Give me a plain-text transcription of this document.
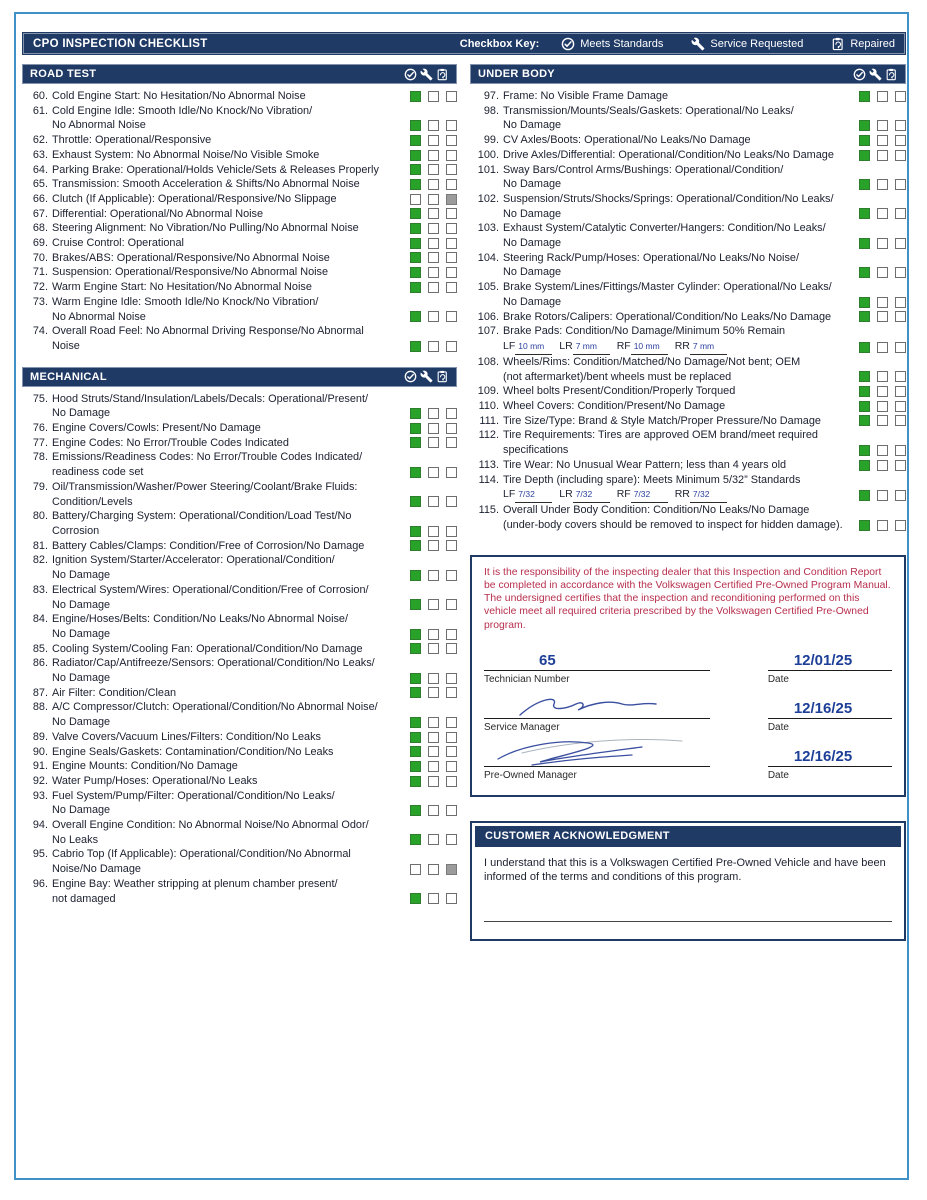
CPO INSPECTION CHECKLIST	Checkbox Key:	Meets Standards	Service Requested	Repaired
ROAD TEST
60. Cold Engine Start: No Hesitation/No Abnormal Noise
61. Cold Engine Idle: Smooth Idle/No Knock/No Vibration/
No Abnormal Noise
62. Throttle: Operational/Responsive
63. Exhaust System: No Abnormal Noise/No Visible Smoke
64. Parking Brake: Operational/Holds Vehicle/Sets & Releases Properly
65. Transmission: Smooth Acceleration & Shifts/No Abnormal Noise
66. Clutch (If Applicable): Operational/Responsive/No Slippage
67. Differential: Operational/No Abnormal Noise
68. Steering Alignment: No Vibration/No Pulling/No Abnormal Noise
69. Cruise Control: Operational
70. Brakes/ABS: Operational/Responsive/No Abnormal Noise
71. Suspension: Operational/Responsive/No Abnormal Noise
72. Warm Engine Start: No Hesitation/No Abnormal Noise
73. Warm Engine Idle: Smooth Idle/No Knock/No Vibration/
No Abnormal Noise
74. Overall Road Feel: No Abnormal Driving Response/No Abnormal
Noise
MECHANICAL
75. Hood Struts/Stand/Insulation/Labels/Decals: Operational/Present/
No Damage
76. Engine Covers/Cowls: Present/No Damage
77. Engine Codes: No Error/Trouble Codes Indicated
78. Emissions/Readiness Codes: No Error/Trouble Codes Indicated/
readiness code set
79. Oil/Transmission/Washer/Power Steering/Coolant/Brake Fluids:
Condition/Levels
80. Battery/Charging System: Operational/Condition/Load Test/No
Corrosion
81. Battery Cables/Clamps: Condition/Free of Corrosion/No Damage
82. Ignition System/Starter/Accelerator: Operational/Condition/
No Damage
83. Electrical System/Wires: Operational/Condition/Free of Corrosion/
No Damage
84. Engine/Hoses/Belts: Condition/No Leaks/No Abnormal Noise/
No Damage
85. Cooling System/Cooling Fan: Operational/Condition/No Damage
86. Radiator/Cap/Antifreeze/Sensors: Operational/Condition/No Leaks/
No Damage
87. Air Filter: Condition/Clean
88. A/C Compressor/Clutch: Operational/Condition/No Abnormal Noise/
No Damage
89. Valve Covers/Vacuum Lines/Filters: Condition/No Leaks
90. Engine Seals/Gaskets: Contamination/Condition/No Leaks
91. Engine Mounts: Condition/No Damage
92. Water Pump/Hoses: Operational/No Leaks
93. Fuel System/Pump/Filter: Operational/Condition/No Leaks/
No Damage
94. Overall Engine Condition: No Abnormal Noise/No Abnormal Odor/
No Leaks
95. Cabrio Top (If Applicable): Operational/Condition/No Abnormal
Noise/No Damage
96. Engine Bay: Weather stripping at plenum chamber present/
not damaged
UNDER BODY
97. Frame: No Visible Frame Damage
98. Transmission/Mounts/Seals/Gaskets: Operational/No Leaks/
No Damage
99. CV Axles/Boots: Operational/No Leaks/No Damage
100. Drive Axles/Differential: Operational/Condition/No Leaks/No Damage
101. Sway Bars/Control Arms/Bushings: Operational/Condition/
No Damage
102. Suspension/Struts/Shocks/Springs: Operational/Condition/No Leaks/
No Damage
103. Exhaust System/Catalytic Converter/Hangers: Condition/No Leaks/
No Damage
104. Steering Rack/Pump/Hoses: Operational/No Leaks/No Noise/
No Damage
105. Brake System/Lines/Fittings/Master Cylinder: Operational/No Leaks/
No Damage
106. Brake Rotors/Calipers: Operational/Condition/No Leaks/No Damage
107. Brake Pads: Condition/No Damage/Minimum 50% Remain
LF 10 mm LR 7 mm RF 10 mm RR 7 mm
108. Wheels/Rims: Condition/Matched/No Damage/Not bent; OEM
(not aftermarket)/bent wheels must be replaced
109. Wheel bolts Present/Condition/Properly Torqued
110. Wheel Covers: Condition/Present/No Damage
111. Tire Size/Type: Brand & Style Match/Proper Pressure/No Damage
112. Tire Requirements: Tires are approved OEM brand/meet required
specifications
113. Tire Wear: No Unusual Wear Pattern; less than 4 years old
114. Tire Depth (including spare): Meets Minimum 5/32” Standards
LF 7/32 LR 7/32 RF 7/32 RR 7/32
115. Overall Under Body Condition: Condition/No Leaks/No Damage
(under-body covers should be removed to inspect for hidden damage).
It is the responsibility of the inspecting dealer that this Inspection and Condition Report be completed in accordance with the Volkswagen Certified Pre-Owned Program Manual. The undersigned certifies that the inspection and reconditioning performed on this vehicle meet all required criteria prescribed by the Volkswagen Certified Pre-Owned program.
65
Technician Number
12/01/25
Date
Service Manager
12/16/25
Date
Pre-Owned Manager
12/16/25
Date
CUSTOMER ACKNOWLEDGMENT
I understand that this is a Volkswagen Certified Pre-Owned Vehicle and have been informed of the terms and conditions of this program.
